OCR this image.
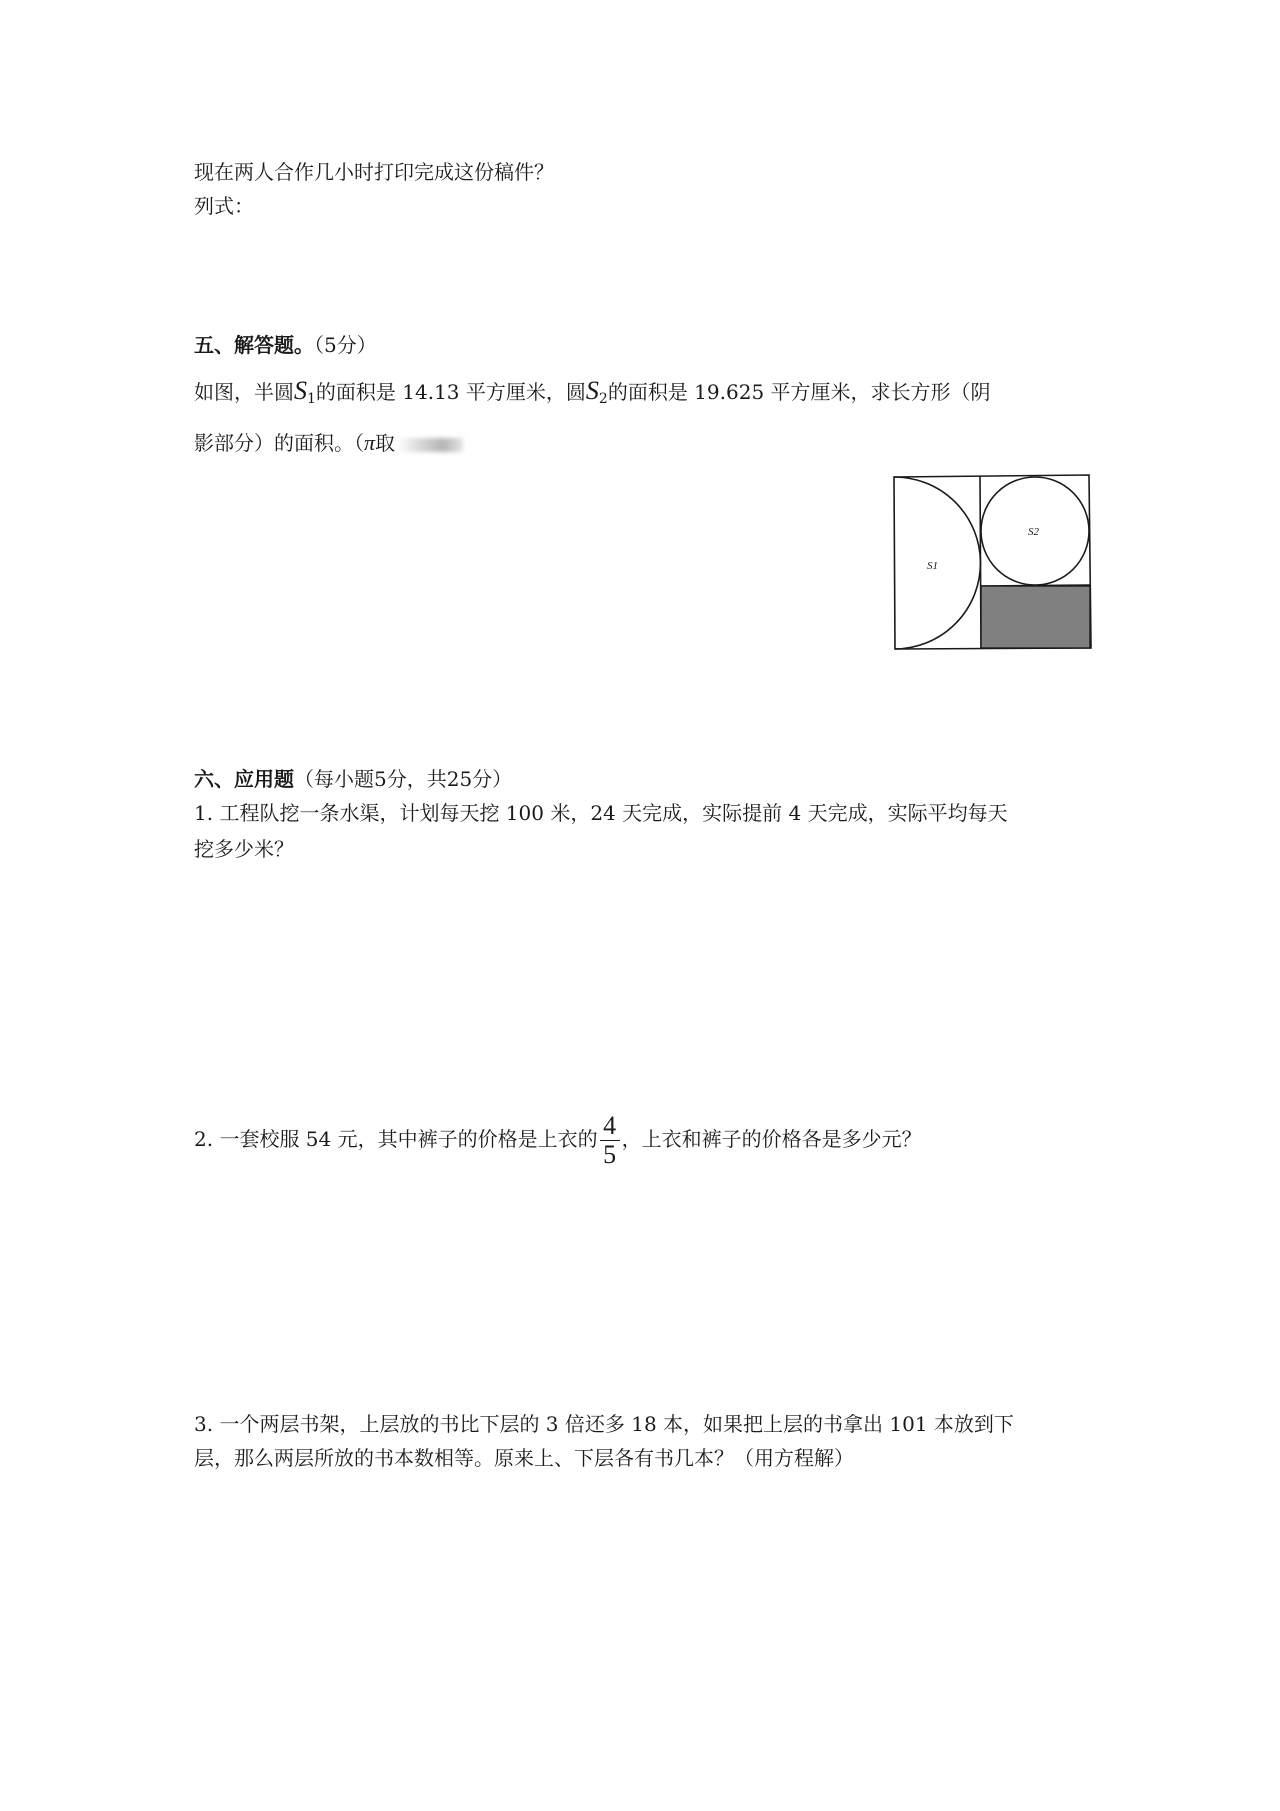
现在两人合作几小时打印完成这份稿件？
列式：
五、解答题。（5分）
如图，半圆$S_1$的面积是 14.13 平方厘米，圆$S_2$的面积是 19.625 平方厘米，求长方形（阴
影部分）的面积。（π取
S1
S2
六、应用题（每小题5分，共25分）
1. 工程队挖一条水渠，计划每天挖 100 米，24 天完成，实际提前 4 天完成，实际平均每天
挖多少米？
2. 一套校服 54 元，其中裤子的价格是上衣的 $\frac{4}{5}$ ，上衣和裤子的价格各是多少元？
3. 一个两层书架，上层放的书比下层的 3 倍还多 18 本，如果把上层的书拿出 101 本放到下
层，那么两层所放的书本数相等。原来上、下层各有书几本？（用方程解）
